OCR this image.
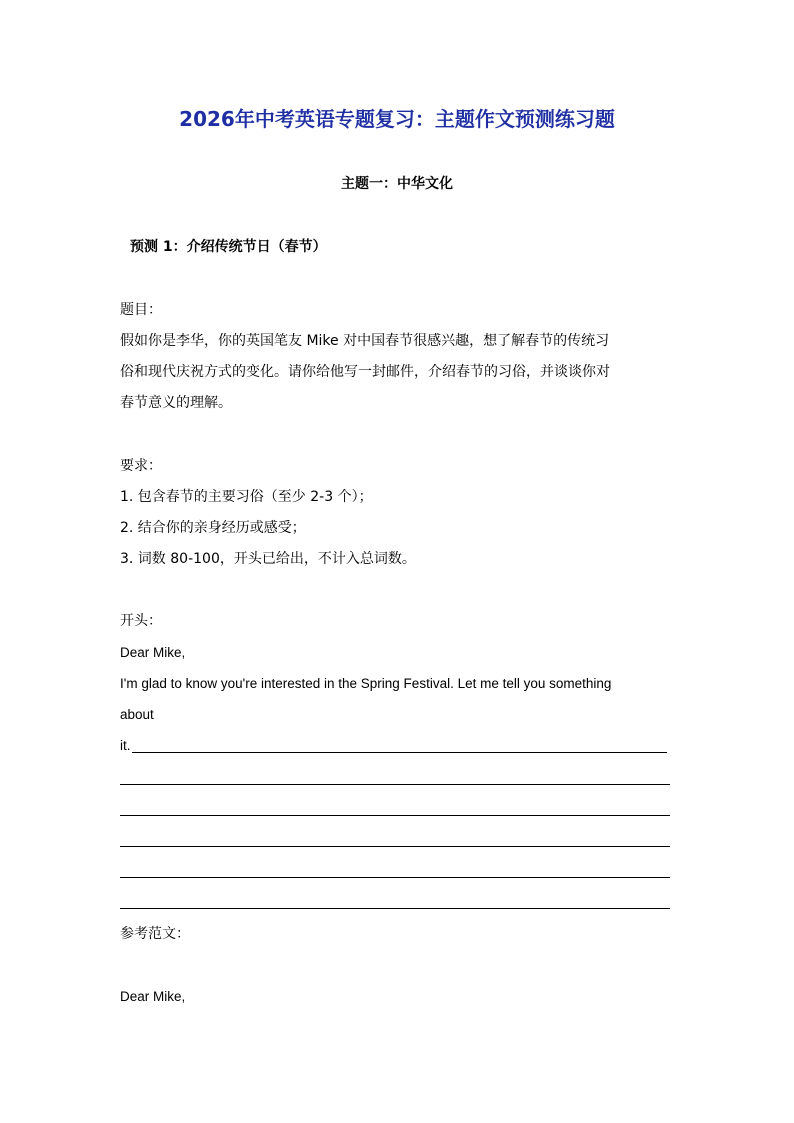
2026年中考英语专题复习：主题作文预测练习题
主题一：中华文化
预测 1：介绍传统节日（春节）
题目：
假如你是李华，你的英国笔友 Mike 对中国春节很感兴趣，想了解春节的传统习
俗和现代庆祝方式的变化。请你给他写一封邮件，介绍春节的习俗，并谈谈你对
春节意义的理解。
要求：
1. 包含春节的主要习俗（至少 2-3 个）；
2. 结合你的亲身经历或感受；
3. 词数 80-100，开头已给出，不计入总词数。
开头：
Dear Mike,
I'm glad to know you're interested in the Spring Festival. Let me tell you something
about
it.
参考范文：
Dear Mike,
